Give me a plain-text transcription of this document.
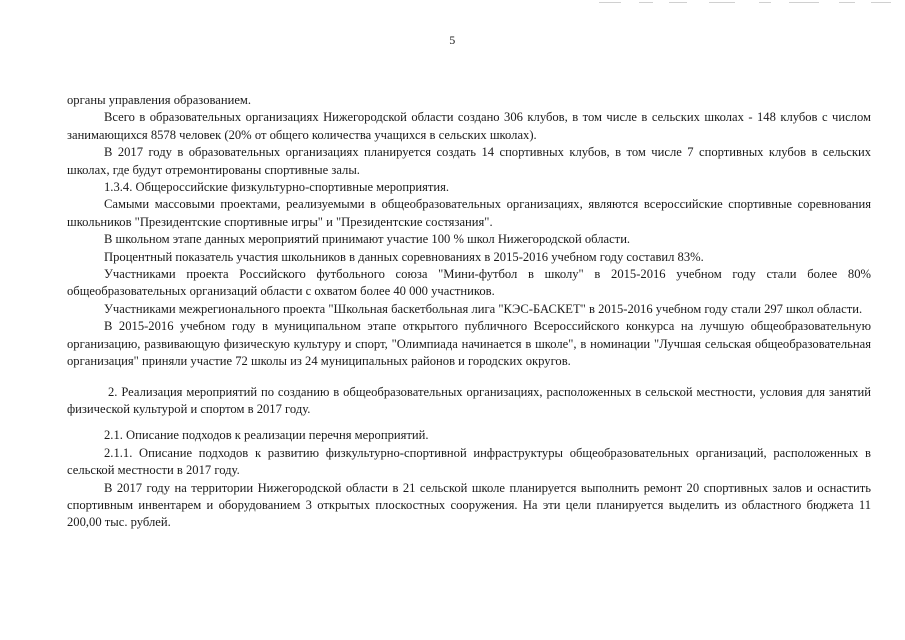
5

органы управления образованием.

Всего в образовательных организациях Нижегородской области создано 306 клубов, в том числе в сельских школах - 148 клубов с числом занимающихся 8578 человек (20% от общего количества учащихся в сельских школах).

В 2017 году в образовательных организациях планируется создать 14 спортивных клубов, в том числе 7 спортивных клубов в сельских школах, где будут отремонтированы спортивные залы.

1.3.4. Общероссийские физкультурно-спортивные мероприятия.

Самыми массовыми проектами, реализуемыми в общеобразовательных организациях, являются всероссийские спортивные соревнования школьников "Президентские спортивные игры" и "Президентские состязания".

В школьном этапе данных мероприятий принимают участие 100 % школ Нижегородской области.

Процентный показатель участия школьников в данных соревнованиях в 2015-2016 учебном году составил 83%.

Участниками проекта Российского футбольного союза "Мини-футбол в школу" в 2015-2016 учебном году стали более 80% общеобразовательных организаций области с охватом более 40 000 участников.

Участниками межрегионального проекта "Школьная баскетбольная лига "КЭС-БАСКЕТ" в 2015-2016 учебном году стали 297 школ области.

В 2015-2016 учебном году в муниципальном этапе открытого публичного Всероссийского конкурса на лучшую общеобразовательную организацию, развивающую физическую культуру и спорт, "Олимпиада начинается в школе", в номинации "Лучшая сельская общеобразовательная организация" приняли участие 72 школы из 24 муниципальных районов и городских округов.

2. Реализация мероприятий по созданию в общеобразовательных организациях, расположенных в сельской местности, условия для занятий физической культурой и спортом в 2017 году.

2.1. Описание подходов к реализации перечня мероприятий.

2.1.1. Описание подходов к развитию физкультурно-спортивной инфраструктуры общеобразовательных организаций, расположенных в сельской местности в 2017 году.

В 2017 году на территории Нижегородской области в 21 сельской школе планируется выполнить ремонт 20 спортивных залов и оснастить спортивным инвентарем и оборудованием 3 открытых плоскостных сооружения. На эти цели планируется выделить из областного бюджета 11 200,00 тыс. рублей.
